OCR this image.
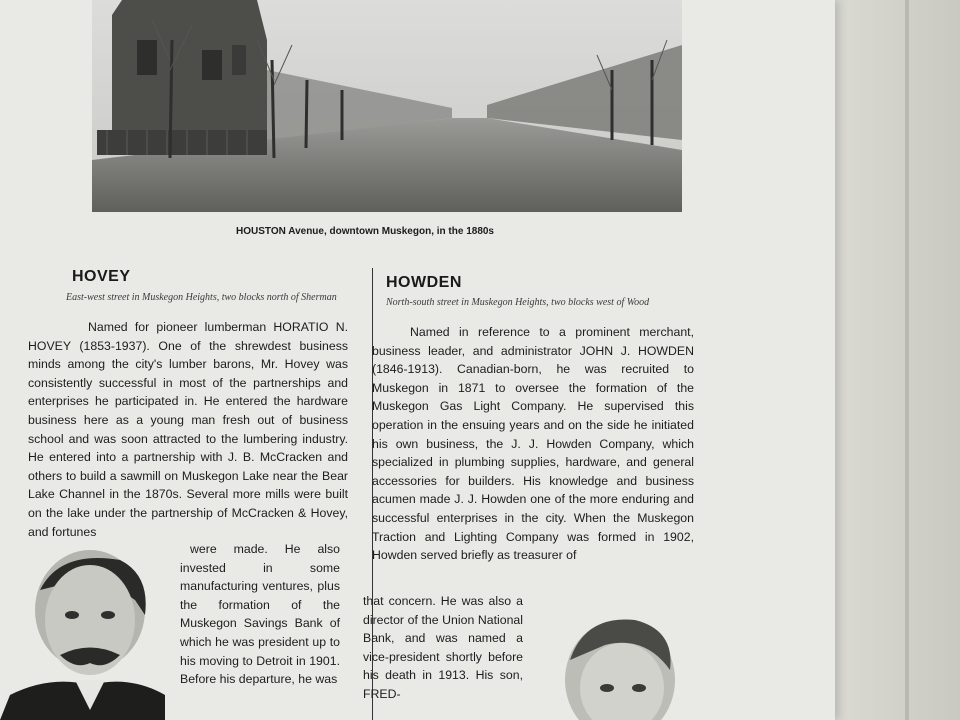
HOUSTON Avenue, downtown Muskegon, in the 1880s
HOVEY
East-west street in Muskegon Heights, two blocks north of Sherman

Named for pioneer lumberman HORATIO N. HOVEY (1853-1937). One of the shrewdest business minds among the city's lumber barons, Mr. Hovey was consistently successful in most of the partnerships and enterprises he participated in. He entered the hardware business here as a young man fresh out of business school and was soon attracted to the lumbering industry. He entered into a partnership with J. B. McCracken and others to build a sawmill on Muskegon Lake near the Bear Lake Channel in the 1870s. Several more mills were built on the lake under the partnership of McCracken & Hovey, and fortunes

were made. He also invested in some manufacturing ventures, plus the formation of the Muskegon Savings Bank of which he was president up to his moving to Detroit in 1901. Before his departure, he was

HOWDEN
North-south street in Muskegon Heights, two blocks west of Wood

Named in reference to a prominent merchant, business leader, and administrator JOHN J. HOWDEN (1846-1913). Canadian-born, he was recruited to Muskegon in 1871 to oversee the formation of the Muskegon Gas Light Company. He supervised this operation in the ensuing years and on the side he initiated his own business, the J. J. Howden Company, which specialized in plumbing supplies, hardware, and general accessories for builders. His knowledge and business acumen made J. J. Howden one of the more enduring and successful enterprises in the city. When the Muskegon Traction and Lighting Company was formed in 1902, Howden served briefly as treasurer of

that concern. He was also a director of the Union National Bank, and was named a vice-president shortly before his death in 1913. His son, FRED-
